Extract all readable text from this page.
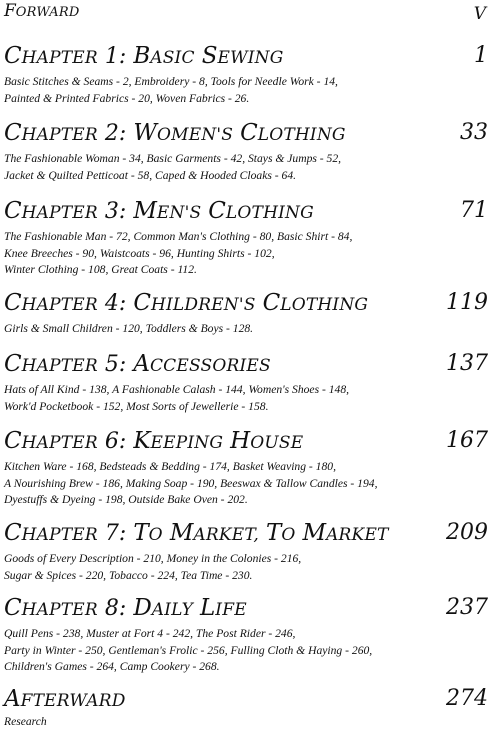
FORWARD	V
CHAPTER 1: BASIC SEWING	1
Basic Stitches & Seams - 2, Embroidery - 8, Tools for Needle Work - 14,
Painted & Printed Fabrics - 20, Woven Fabrics - 26.
CHAPTER 2: WOMEN'S CLOTHING	33
The Fashionable Woman - 34, Basic Garments - 42, Stays & Jumps - 52,
Jacket & Quilted Petticoat - 58, Caped & Hooded Cloaks - 64.
CHAPTER 3: MEN'S CLOTHING	71
The Fashionable Man - 72, Common Man's Clothing - 80, Basic Shirt - 84,
Knee Breeches - 90, Waistcoats - 96, Hunting Shirts - 102,
Winter Clothing - 108, Great Coats - 112.
CHAPTER 4: CHILDREN'S CLOTHING	119
Girls & Small Children - 120, Toddlers & Boys - 128.
CHAPTER 5: ACCESSORIES	137
Hats of All Kind - 138, A Fashionable Calash - 144, Women's Shoes - 148,
Work'd Pocketbook - 152, Most Sorts of Jewellerie - 158.
CHAPTER 6: KEEPING HOUSE	167
Kitchen Ware - 168, Bedsteads & Bedding - 174, Basket Weaving - 180,
A Nourishing Brew - 186, Making Soap - 190, Beeswax & Tallow Candles - 194,
Dyestuffs & Dyeing - 198, Outside Bake Oven - 202.
CHAPTER 7: TO MARKET, TO MARKET	209
Goods of Every Description - 210, Money in the Colonies - 216,
Sugar & Spices - 220, Tobacco - 224, Tea Time - 230.
CHAPTER 8: DAILY LIFE	237
Quill Pens - 238, Muster at Fort 4 - 242, The Post Rider - 246,
Party in Winter - 250, Gentleman's Frolic - 256, Fulling Cloth & Haying - 260,
Children's Games - 264, Camp Cookery - 268.
AFTERWARD	274
Research
